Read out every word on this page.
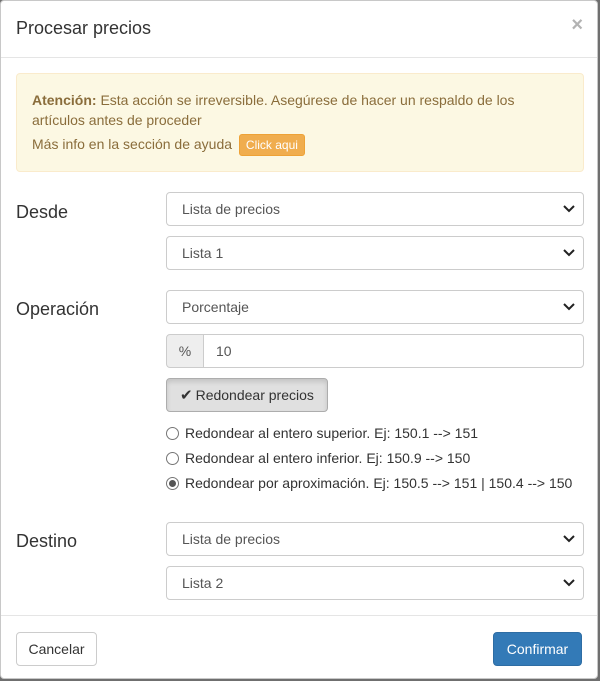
Procesar precios	×
Atención: Esta acción se irreversible. Asegúrese de hacer un respaldo de los artículos antes de proceder
Más info en la sección de ayuda Click aqui
Desde	Lista de precios
Lista 1
Operación	Porcentaje
%	10
✔ Redondear precios
Redondear al entero superior. Ej: 150.1 --> 151
Redondear al entero inferior. Ej: 150.9 --> 150
Redondear por aproximación. Ej: 150.5 --> 151 | 150.4 --> 150
Destino	Lista de precios
Lista 2
Cancelar	Confirmar
